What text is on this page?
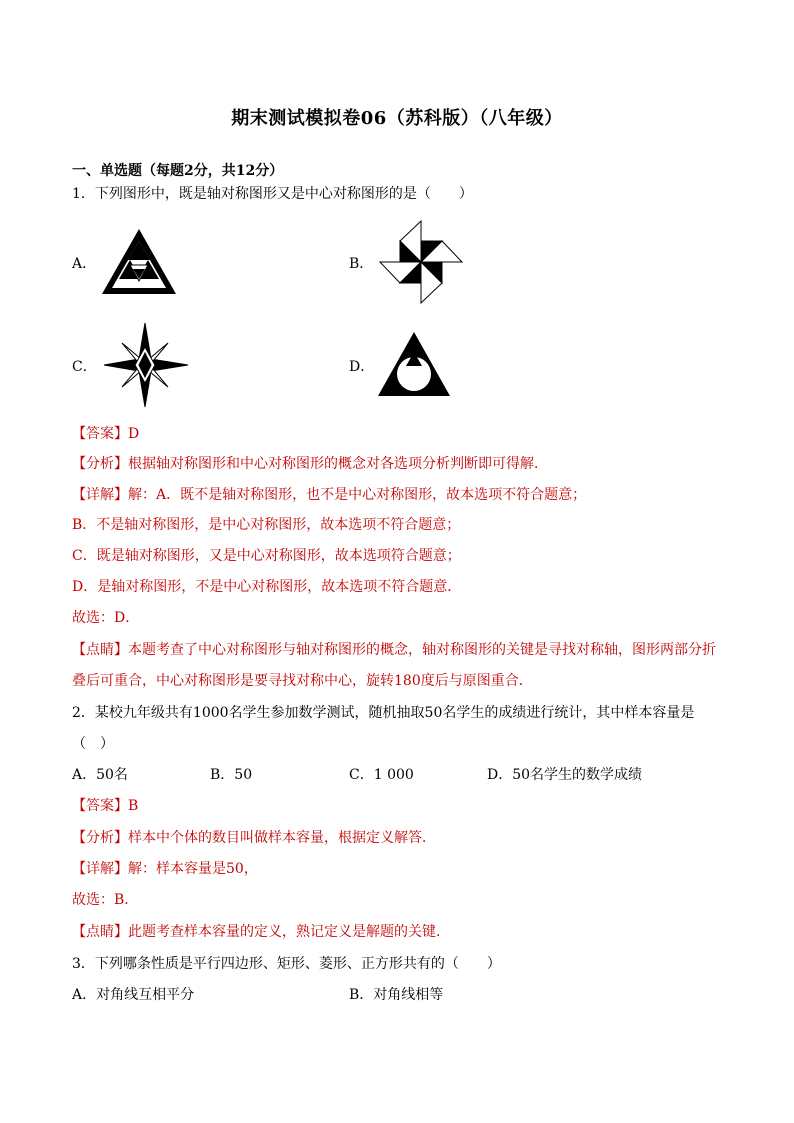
期末测试模拟卷06（苏科版）（八年级）
一、单选题（每题2分，共12分）
1．下列图形中，既是轴对称图形又是中心对称图形的是（　　）
A．	B．
C．	D．
【答案】D
【分析】根据轴对称图形和中心对称图形的概念对各选项分析判断即可得解．
【详解】解：A．既不是轴对称图形，也不是中心对称图形，故本选项不符合题意；
B．不是轴对称图形，是中心对称图形，故本选项不符合题意；
C．既是轴对称图形，又是中心对称图形，故本选项符合题意；
D．是轴对称图形，不是中心对称图形，故本选项不符合题意．
故选：D．
【点睛】本题考查了中心对称图形与轴对称图形的概念，轴对称图形的关键是寻找对称轴，图形两部分折
叠后可重合，中心对称图形是要寻找对称中心，旋转180度后与原图重合．
2．某校九年级共有1000名学生参加数学测试，随机抽取50名学生的成绩进行统计，其中样本容量是
（　）
A．50名	B．50	C．1 000	D．50名学生的数学成绩
【答案】B
【分析】样本中个体的数目叫做样本容量，根据定义解答．
【详解】解：样本容量是50，
故选：B．
【点睛】此题考查样本容量的定义，熟记定义是解题的关键．
3．下列哪条性质是平行四边形、矩形、菱形、正方形共有的（　　）
A．对角线互相平分	B．对角线相等
